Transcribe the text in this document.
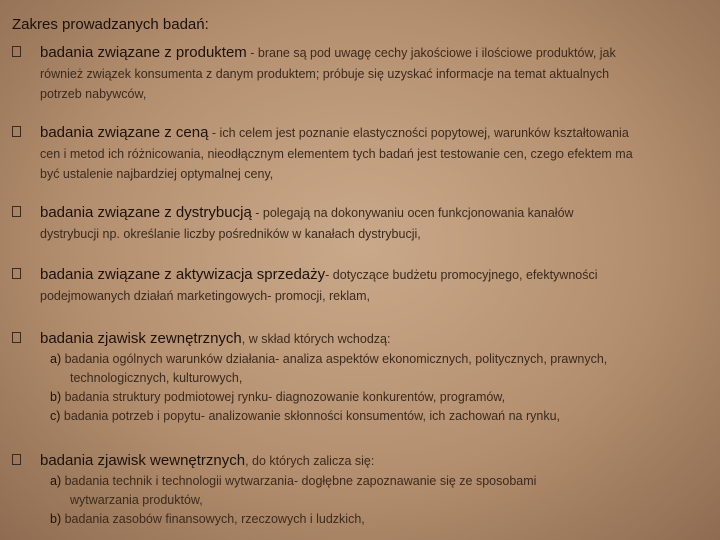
Zakres prowadzanych badań:
badania związane z produktem - brane są pod uwagę cechy jakościowe i ilościowe produktów, jak
również związek konsumenta z danym produktem; próbuje się uzyskać informacje na temat aktualnych
potrzeb nabywców,
badania związane z ceną - ich celem jest poznanie elastyczności popytowej, warunków kształtowania
cen i metod ich różnicowania, nieodłącznym elementem tych badań jest testowanie cen, czego efektem ma
być ustalenie najbardziej optymalnej ceny,
badania związane z dystrybucją - polegają na dokonywaniu ocen funkcjonowania kanałów
dystrybucji np. określanie liczby pośredników w kanałach dystrybucji,
badania związane z aktywizacja sprzedaży- dotyczące budżetu promocyjnego, efektywności
podejmowanych działań marketingowych- promocji, reklam,
badania zjawisk zewnętrznych, w skład których wchodzą:
a) badania ogólnych warunków działania- analiza aspektów ekonomicznych, politycznych, prawnych,
technologicznych, kulturowych,
b) badania struktury podmiotowej rynku- diagnozowanie konkurentów, programów,
c) badania potrzeb i popytu- analizowanie skłonności konsumentów, ich zachowań na rynku,
badania zjawisk wewnętrznych, do których zalicza się:
a) badania technik i technologii wytwarzania- dogłębne zapoznawanie się ze sposobami
wytwarzania produktów,
b) badania zasobów finansowych, rzeczowych i ludzkich,
